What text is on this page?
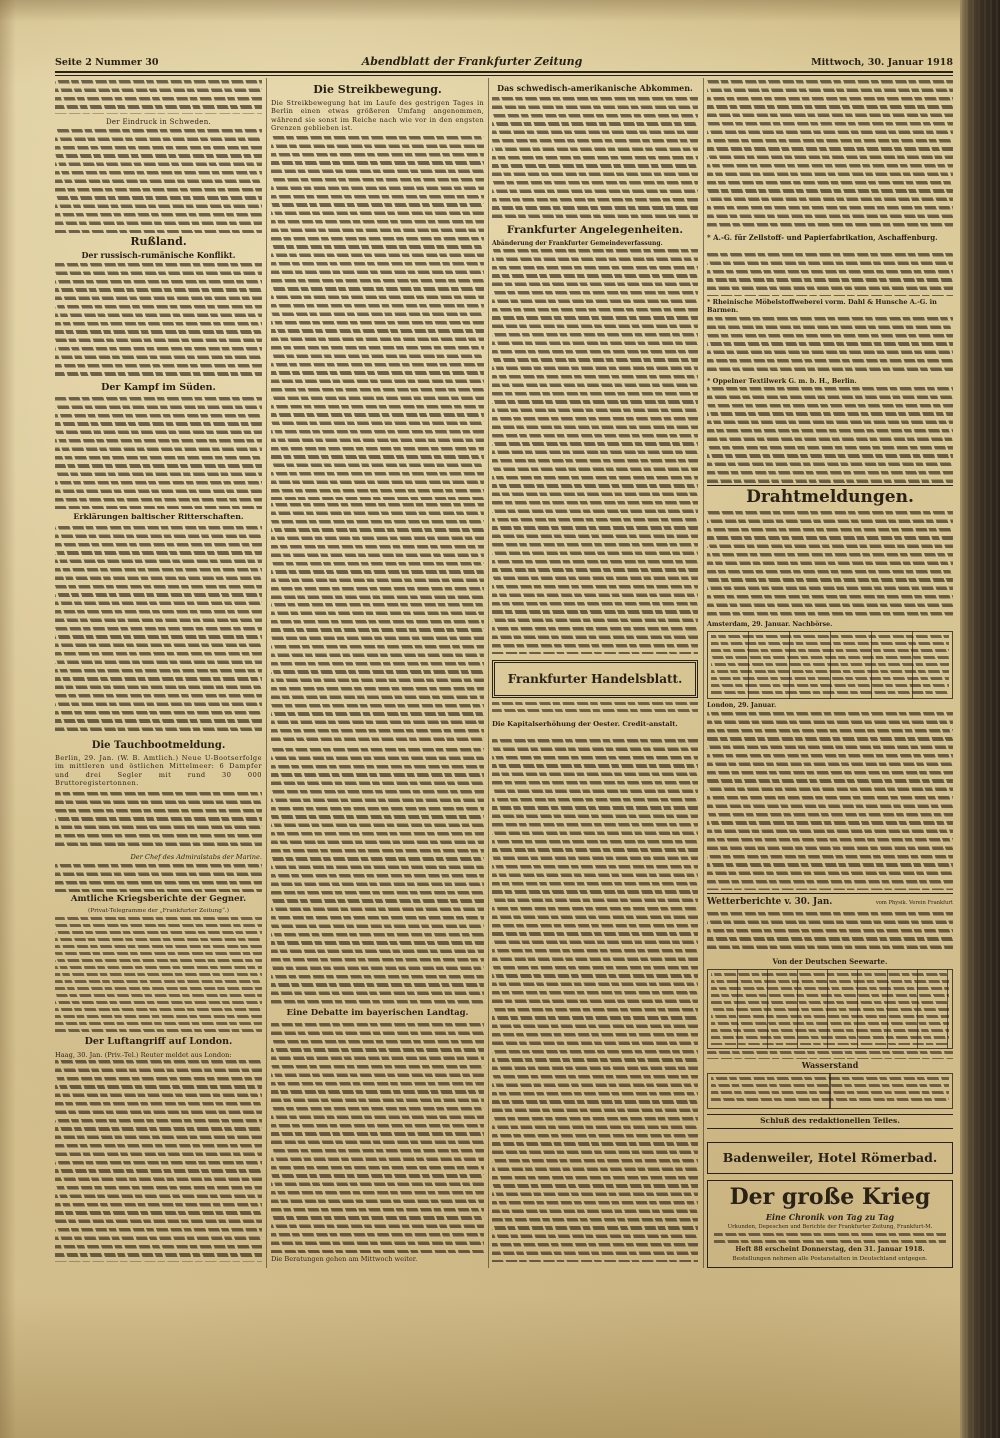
Seite 2 Nummer 30	Abendblatt der Frankfurter Zeitung	Mittwoch, 30. Januar 1918
Der Eindruck in Schweden.
Rußland.
Der russisch-rumänische Konflikt.
Der Kampf im Süden.
Erklärungen baltischer Ritterschaften.
Die Tauchbootmeldung.
Berlin, 29. Jan. (W. B. Amtlich.) Neue U-Bootserfolge im mittleren und östlichen Mittelmeer: 6 Dampfer und drei Segler mit rund 30 000 Bruttoregistertonnen.
Der Chef des Admiralstabs der Marine.
Amtliche Kriegsberichte der Gegner.
(Privat-Telegramme der „Frankfurter Zeitung“.)
Der Luftangriff auf London.
Haag, 30. Jan. (Priv.-Tel.) Reuter meldet aus London:
Die Streikbewegung.
Die Streikbewegung hat im Laufe des gestrigen Tages in Berlin einen etwas größeren Umfang angenommen, während sie sonst im Reiche nach wie vor in den engsten Grenzen geblieben ist.
Eine Debatte im bayerischen Landtag.
Die Beratungen gehen am Mittwoch weiter.
Das schwedisch-amerikanische Abkommen.
Frankfurter Angelegenheiten.
Abänderung der Frankfurter Gemeindeverfassung.
Frankfurter Handelsblatt.
Die Kapitalserhöhung der Oester. Credit-anstalt.
* A.-G. für Zellstoff- und Papierfabrikation, Aschaffenburg.
* Rheinische Möbelstoffweberei vorm. Dahl & Hunsche A.-G. in Barmen.
* Oppelner Textilwerk G. m. b. H., Berlin.
Drahtmeldungen.
Amsterdam, 29. Januar. Nachbörse.
London, 29. Januar.
Wetterberichte v. 30. Jan.	vom Physik. Verein Frankfurt
Von der Deutschen Seewarte.
Wasserstand
Schluß des redaktionellen Teiles.
Badenweiler, Hotel Römerbad.
Der große Krieg
Eine Chronik von Tag zu Tag
Urkunden, Depeschen und Berichte der Frankfurter Zeitung, Frankfurt-M.
Heft 88 erscheint Donnerstag, den 31. Januar 1918.
Bestellungen nehmen alle Postanstalten in Deutschland entgegen.
